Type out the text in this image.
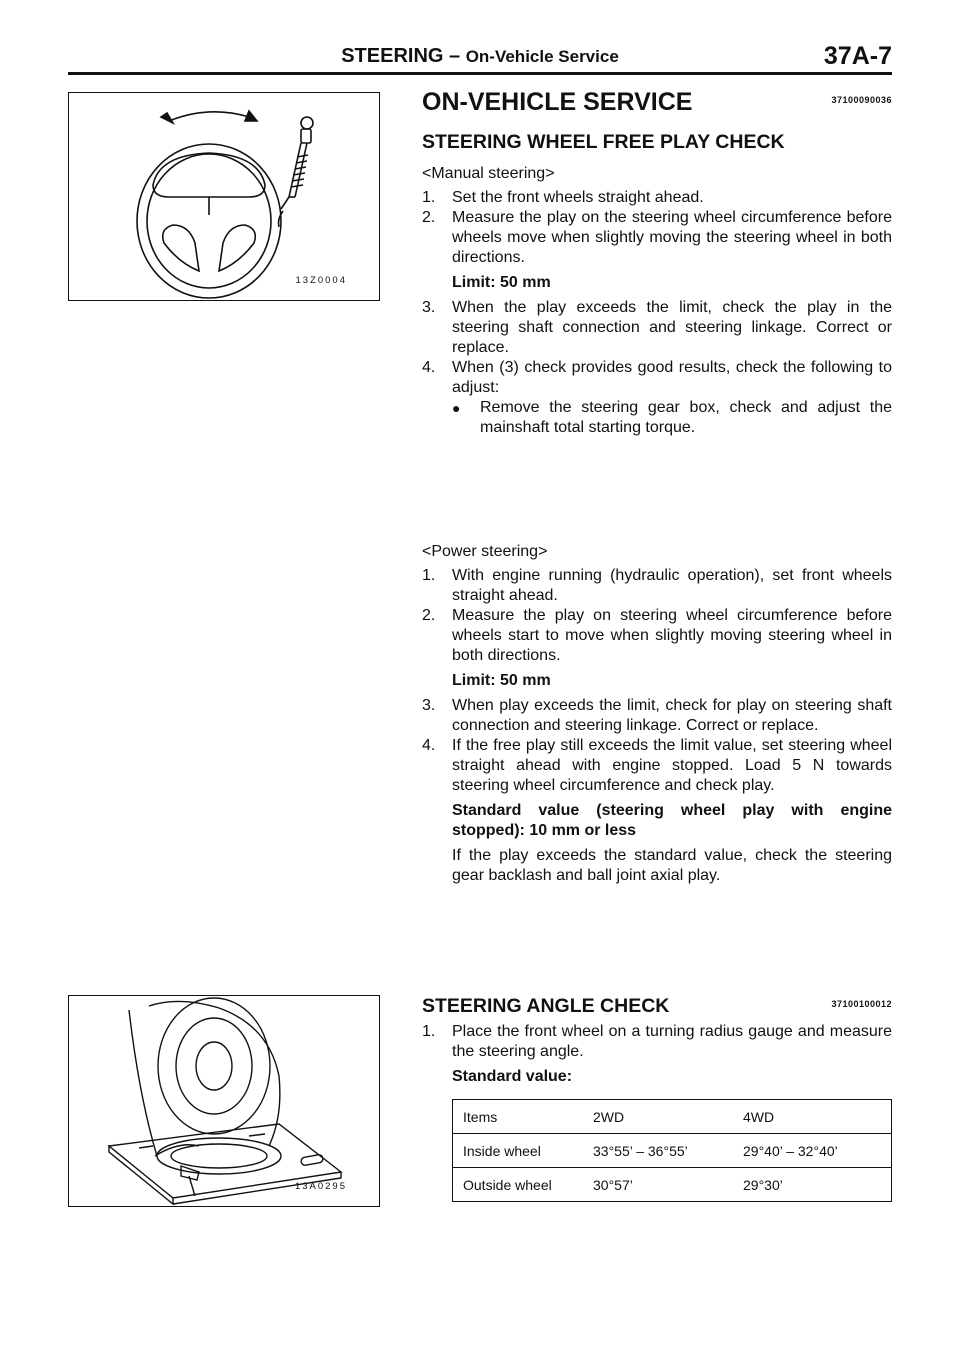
STEERING – On-Vehicle Service	37A-7
13Z0004
13A0295
ON-VEHICLE SERVICE	37100090036
STEERING WHEEL FREE PLAY CHECK
<Manual steering>
1.	Set the front wheels straight ahead.
2.	Measure the play on the steering wheel circumference before wheels move when slightly moving the steering wheel in both directions.
Limit: 50 mm
3.	When the play exceeds the limit, check the play in the steering shaft connection and steering linkage. Correct or replace.
4.	When (3) check provides good results, check the following to adjust:
●	Remove the steering gear box, check and adjust the mainshaft total starting torque.
<Power steering>
1.	With engine running (hydraulic operation), set front wheels straight ahead.
2.	Measure the play on steering wheel circumference before wheels start to move when slightly moving steering wheel in both directions.
Limit: 50 mm
3.	When play exceeds the limit, check for play on steering shaft connection and steering linkage. Correct or replace.
4.	If the free play still exceeds the limit value, set steering wheel straight ahead with engine stopped. Load 5 N towards steering wheel circumference and check play.
Standard value (steering wheel play with engine stopped): 10 mm or less
If the play exceeds the standard value, check the steering gear backlash and ball joint axial play.
STEERING ANGLE CHECK	37100100012
1.	Place the front wheel on a turning radius gauge and measure the steering angle.
Standard value:
Items	2WD	4WD
Inside wheel	33°55’ – 36°55’	29°40’ – 32°40’
Outside wheel	30°57’	29°30’
